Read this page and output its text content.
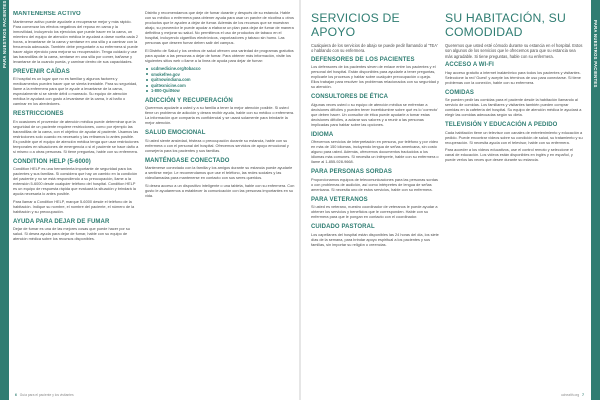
PARA NUESTROS PACIENTES	MANTENERSE ACTIVO
Mantenerse activo puede ayudarle a recuperarse mejor y más rápido. Para comenzar los efectos negativos del reposo en cama y la inmovilidad, incluyendo los ejercicios que puede hacer en la cama, un miembro del equipo de atención médica le ayudará a darse vuelta cada 2 horas, a levantarse de la cama y sentarse en una silla y a caminar con la frecuencia adecuada. También debe preguntarle a su enfermera si puede hacer algún ejercicio para mejorar su recuperación. Tenga cuidado y use las barandillas de la cama, sentarse en una silla por comer, bañarse y levantarse de la cuando pueda, y caminar dentro de sus capacidades.
PREVENIR CAÍDAS
El hospital es un lugar que no es familiar y algunos factores y medicamentos pueden hacer que se sienta inestable. Para su seguridad, llame a la enfermera para que le ayude a levantarse de la cama, especialmente si se siente débil o mareado. Su equipo de atención médica le ayudará con gusto a levantarse de la cama, ir al baño o caminar en los alrededores.
RESTRICCIONES
En ocasiones el proveedor de atención médica puede determinar que la seguridad de un paciente requiere restricciones, como por ejemplo las barandillas de la cama, con el objetivo de ayudar al paciente. Usamos las restricciones solo cuando es necesario y las retiramos lo antes posible. Es posible que el equipo de atención médica tenga que usar restricciones temporales en situaciones de emergencia o si el paciente se hace daño a sí mismo o a otras personas. Si tiene preguntas, hable con su enfermera.
CONDITION HELP (5-6000)
Condition HELP es una herramienta importante de seguridad para los pacientes y sus familias. Si considera que hay un cambio en la condición del paciente y no se está respondiendo a su preocupación, llame a la extensión 5-6000 desde cualquier teléfono del hospital. Condition HELP es un equipo de respuesta rápida que evaluará la situación y brindará la ayuda necesaria lo antes posible.
Para llamar a Condition HELP, marque 5-6000 desde el teléfono de la habitación. Indique su nombre, el nombre del paciente, el número de la habitación y su preocupación.
AYUDA PARA DEJAR DE FUMAR
Dejar de fumar es una de las mejores cosas que puede hacer por su salud. Si desea ayuda para dejar de fumar, hable con su equipo de atención médica sobre los recursos disponibles.
Distrito y recomendamos que deje de fumar durante y después de su estancia. Hable con su médico o enfermera para obtener ayuda para usar un parche de nicotina u otros productos que le ayuden a dejar de fumar. Además de los recursos que se muestran abajo, su proveedor le puede ayudar a elaborar un plan para dejar de fumar de manera definitiva y mejorar su salud. No permitimos el uso de productos de tabaco en el hospital, incluyendo cigarrillos electrónicos, vaporizadores y tabaco sin humo. Las personas que deseen fumar deben salir del campus.
El Distrito de Salud y los centros de salud ofrecen una variedad de programas gratuitos para ayudar a las personas a dejar de fumar. Para obtener más información, visite los siguientes sitios web o llame a la línea de ayuda para dejar de fumar:
ucdmedicine.org/tobacco
smokefree.gov
quitnowindiana.com
quittexnicine.com
1-800-QuitNow
ADICCIÓN Y RECUPERACIÓN
Queremos ayudarle a usted y a su familia a tener la mejor atención posible. Si usted tiene un problema de adicción y desea recibir ayuda, hable con su médico o enfermera. La información que comparta es confidencial y se usará solamente para brindarle la mejor atención.
SALUD EMOCIONAL
Si usted siente ansiedad, tristeza o preocupación durante su estancia, hable con su enfermera o con el personal del hospital. Ofrecemos servicios de apoyo emocional y consejería para los pacientes y sus familias.
MANTÉNGASE CONECTADO
Mantenerse conectado con la familia y los amigos durante su estancia puede ayudarle a sentirse mejor. Le recomendamos que use el teléfono, las redes sociales y las videollamadas para mantenerse en contacto con sus seres queridos.
Si desea acceso a un dispositivo inteligente o una tableta, hable con su enfermera. Con gusto le ayudaremos a establecer la comunicación con las personas importantes en su vida.
SERVICIOS DE APOYO
Cualquiera de los servicios de abajo se puede pedir llamando al 'TEA' o hablando con su enfermera.
DEFENSORES DE LOS PACIENTES
Los defensores de los pacientes sirven de enlace entre los pacientes y el personal del hospital. Están disponibles para ayudarle a tener preguntas, explicarle los procesos y hablar sobre cualquier preocupación o queja. Ellos trabajan para resolver los problemas relacionados con su seguridad y su atención.
CONSULTORES DE ÉTICA
Algunas veces usted o su equipo de atención médica se enfrentan a decisiones difíciles y pueden tener incertidumbre sobre qué es lo 'correcto' que deben hacer. Un consultor de ética puede ayudarle a tomar estas decisiones difíciles, a aclarar sus valores y a reunir a las personas implicadas para hablar sobre las opciones.
IDIOMA
Ofrecemos servicios de interpretación en persona, por teléfono y por video en más de 150 idiomas, incluyendo lengua de señas americana, sin costo alguno para usted. Además, ofrecemos documentos traducidos a los idiomas más comunes. Si necesita un intérprete, hable con su enfermera o llame al 1-855-928-9668.
PARA PERSONAS SORDAS
Proporcionamos equipos de telecomunicaciones para las personas sordas o con problemas de audición, así como intérpretes de lengua de señas americana. Si necesita uno de estos servicios, hable con su enfermera.
PARA VETERANOS
Si usted es veterano, nuestro coordinador de veteranos le puede ayudar a obtener los servicios y beneficios que le corresponden. Hable con su enfermera para que le pongan en contacto con el coordinador.
CUIDADO PASTORAL
Los capellanes del hospital están disponibles las 24 horas del día, los siete días de la semana, para brindar apoyo espiritual a los pacientes y sus familias, sin importar su religión o creencias.
SU HABITACIÓN, SU COMODIDAD
Queremos que usted esté cómodo durante su estancia en el hospital. Estos son algunos de los servicios que le ofrecemos para que su estancia sea más agradable. Si tiene preguntas, hable con su enfermera.
ACCESO A WI-FI
Hay acceso gratuito a internet inalámbrico para todos los pacientes y visitantes. Seleccione la red 'Guest' y acepte los términos de uso para conectarse. Si tiene problemas con la conexión, hable con su enfermera.
COMIDAS
Se pueden pedir las comidas para el paciente desde la habitación llamando al servicio de comidas. Los familiares y visitantes también pueden comprar comidas en la cafetería del hospital. Su equipo de atención médica le ayudará a elegir las comidas adecuadas según su dieta.
TELEVISIÓN Y EDUCACIÓN A PEDIDO
Cada habitación tiene un televisor con canales de entretenimiento y educación a pedido. Puede encontrar videos sobre su condición de salud, su tratamiento y su recuperación. Si necesita ayuda con el televisor, hable con su enfermera.
Para acceder a los videos educativos, use el control remoto y seleccione el canal de educación. Los videos están disponibles en inglés y en español, y puede verlos las veces que desee durante su estancia.
PARA NUESTROS PACIENTES
6 Guía para el paciente y los visitantes	uchealth.org 7
